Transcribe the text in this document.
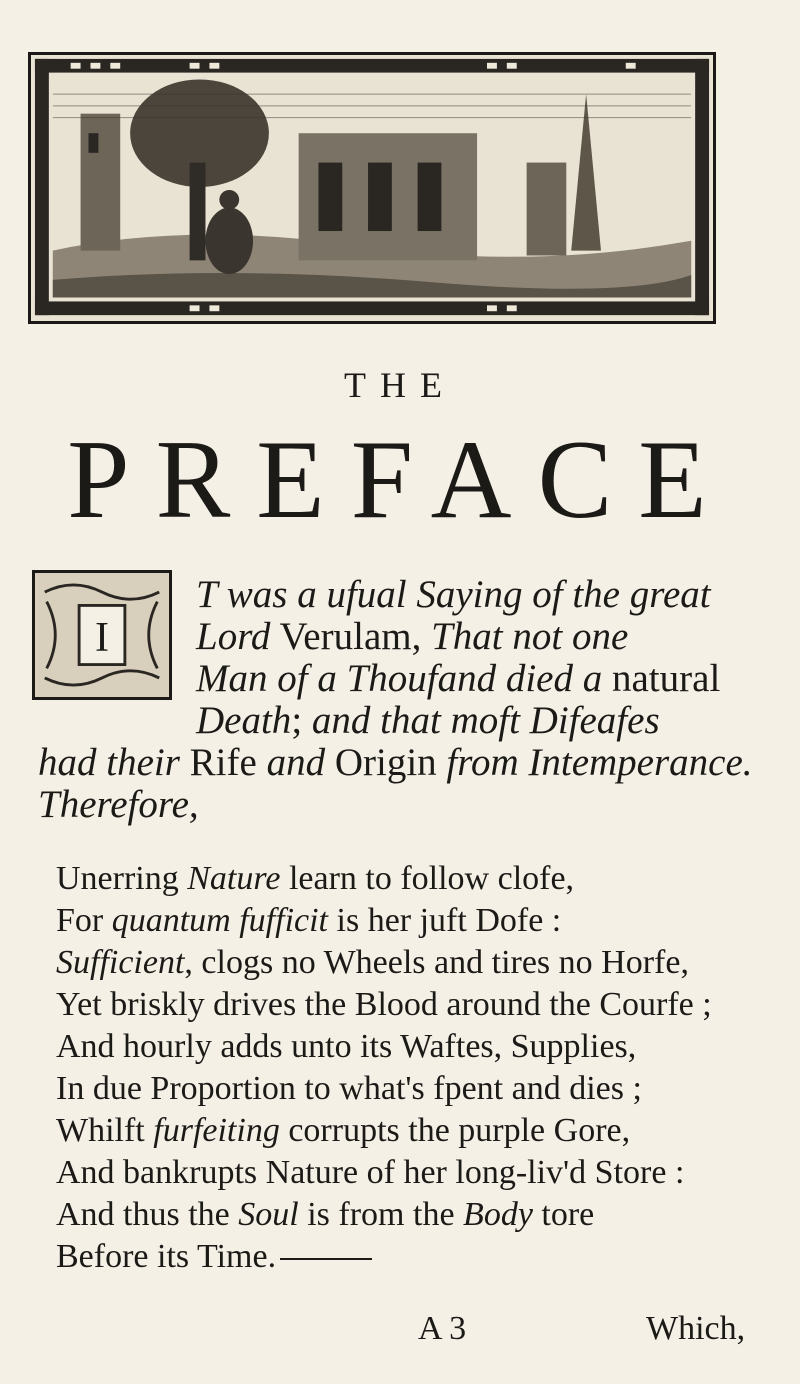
THE
PREFACE
I
T was a ufual Saying of the great
Lord Verulam, That not one
Man of a Thoufand died a natural
Death; and that moft Difeafes
had their Rife and Origin from Intemperance.
Therefore,
Unerring Nature learn to follow clofe,
For quantum fufficit is her juft Dofe :
Sufficient, clogs no Wheels and tires no Horfe,
Yet briskly drives the Blood around the Courfe ;
And hourly adds unto its Waftes, Supplies,
In due Proportion to what's fpent and dies ;
Whilft furfeiting corrupts the purple Gore,
And bankrupts Nature of her long-liv'd Store :
And thus the Soul is from the Body tore
Before its Time.
A 3	Which,
